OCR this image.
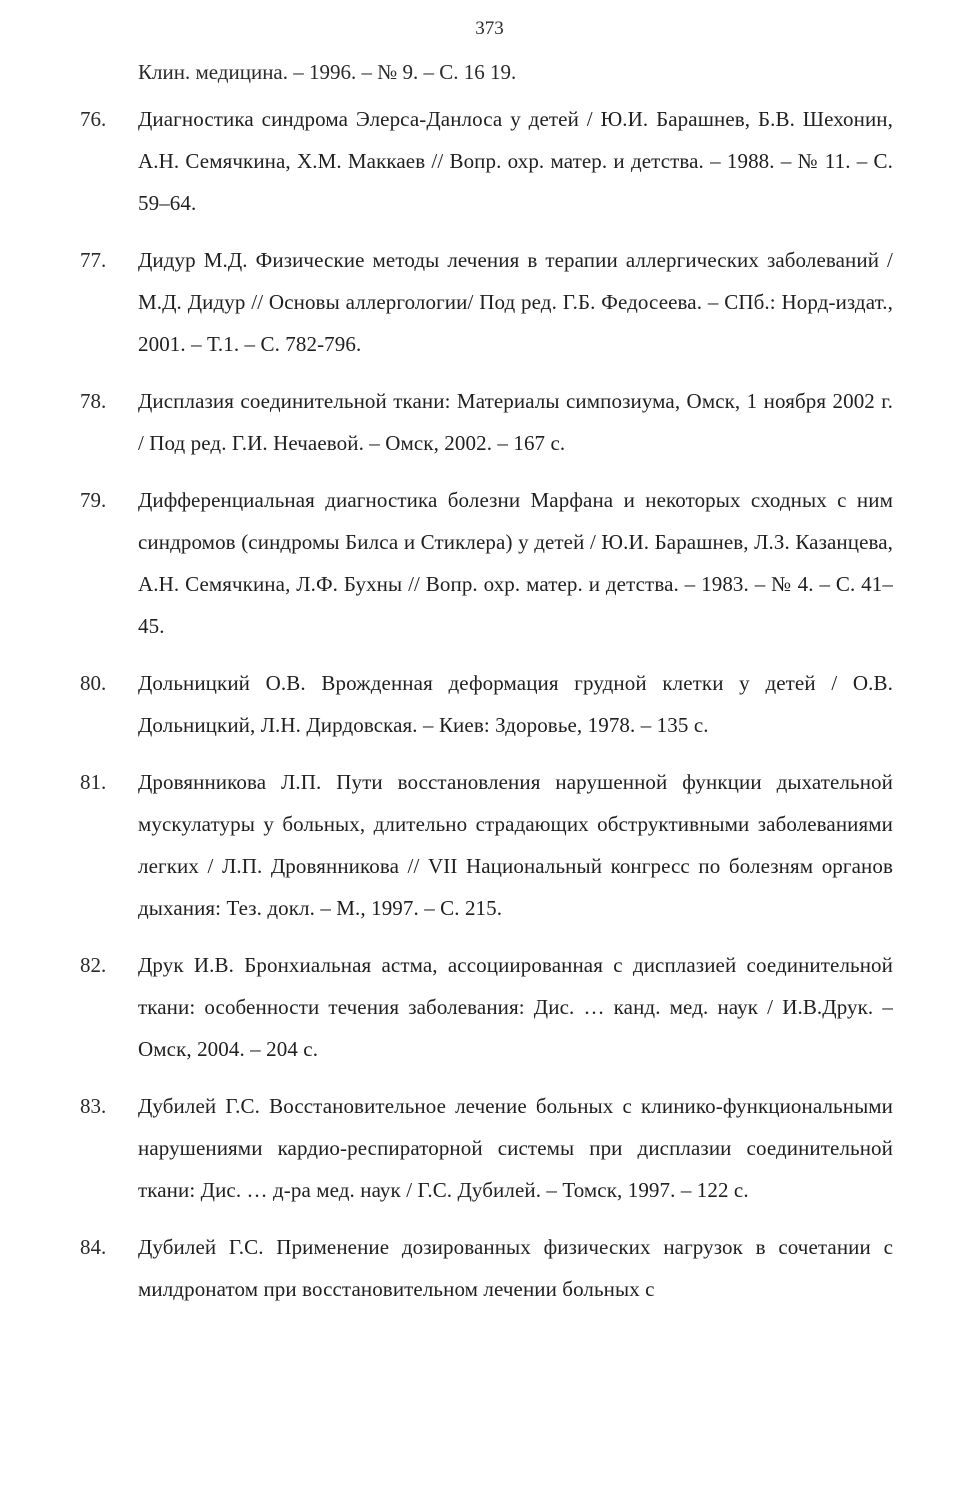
373
Клин. медицина. – 1996. – № 9. – С. 16 19.
76. Диагностика синдрома Элерса-Данлоса у детей / Ю.И. Барашнев, Б.В. Шехонин, А.Н. Семячкина, Х.М. Маккаев // Вопр. охр. матер. и детства. – 1988. – № 11. – С. 59–64.
77. Дидур М.Д. Физические методы лечения в терапии аллергических заболеваний / М.Д. Дидур // Основы аллергологии/ Под ред. Г.Б. Федосеева. – СПб.: Норд-издат., 2001. – Т.1. – С. 782-796.
78. Дисплазия соединительной ткани: Материалы симпозиума, Омск, 1 ноября 2002 г. / Под ред. Г.И. Нечаевой. – Омск, 2002. – 167 с.
79. Дифференциальная диагностика болезни Марфана и некоторых сходных с ним синдромов (синдромы Билса и Стиклера) у детей / Ю.И. Барашнев, Л.З. Казанцева, А.Н. Семячкина, Л.Ф. Бухны // Вопр. охр. матер. и детства. – 1983. – № 4. – С. 41–45.
80. Дольницкий О.В. Врожденная деформация грудной клетки у детей / О.В. Дольницкий, Л.Н. Дирдовская. – Киев: Здоровье, 1978. – 135 с.
81. Дровянникова Л.П. Пути восстановления нарушенной функции дыхательной мускулатуры у больных, длительно страдающих обструктивными заболеваниями легких / Л.П. Дровянникова // VII Национальный конгресс по болезням органов дыхания: Тез. докл. – М., 1997. – С. 215.
82. Друк И.В. Бронхиальная астма, ассоциированная с дисплазией соединительной ткани: особенности течения заболевания: Дис. … канд. мед. наук / И.В.Друк. – Омск, 2004. – 204 с.
83. Дубилей Г.С. Восстановительное лечение больных с клинико-функциональными нарушениями кардио-респираторной системы при дисплазии соединительной ткани: Дис. … д-ра мед. наук / Г.С. Дубилей. – Томск, 1997. – 122 с.
84. Дубилей Г.С. Применение дозированных физических нагрузок в сочетании с милдронатом при восстановительном лечении больных с
